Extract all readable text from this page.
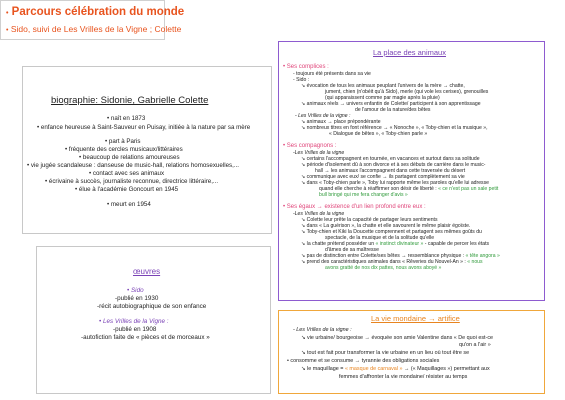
• Parcours célébration du monde
• Sido, suivi de Les Vrilles de la Vigne ; Colette
biographie: Sidonie, Gabrielle Colette
• naît en 1873
• enfance heureuse à Saint-Sauveur en Puisay, initiée à la nature par sa mère
• part à Paris
• fréquente des cercles musicaux/littéraires
• beaucoup de relations amoureuses
• vie jugée scandaleuse : danseuse de music-hall, relations homosexuelles,...
• contact avec ses animaux
• écrivaine à succès, journaliste reconnue, directrice littéraire,...
• élue à l'académie Goncourt en 1945
• meurt en 1954
œuvres
• Sido
-publié en 1930
-récit autobiographique de son enfance
• Les Vrilles de la Vigne :
-publié en 1908
-autofiction faite de « pièces et de morceaux »
La place des animaux
• Ses complices :
- toujours été présents dans sa vie
- Sido :
↘ évocation de tous les animaux peuplant l'univers de la mère → chatte,
jument, chien (n'obéit qu'à Sido), merle (qui vole les cerises), grenouilles
(qui apparaissent comme par magie après la pluie)
↘ animaux réels → univers enfantin de Colette/ participent à son apprentissage
de l'amour de la nature/des bêtes
- Les Vrilles de la vigne :
↘ animaux → place prépondérante
↘ nombreux titres en font référence → « Nonoche », « Toby-chien et la musique »,
« Dialogue de bêtes », « Toby-chien parle »
• Ses compagnons :
-Les Vrilles de la vigne
↘ certains l'accompagnent en tournée, en vacances et surtout dans sa solitude
↘ période d'isolement dû à son divorce et à ses débuts de carrière dans le music-
hall → les animaux l'accompagnent dans cette traversée du désert
↘ communique avec eux/ se confie → ils partagent complètement sa vie
↘ dans « Toby-chien parle », Toby lui rapporte même les paroles qu'elle lui adresse
quand elle cherche à réaffirmer son désir de liberté : « ce n'est pas un sale petit
bull bringé qui me fera changer d'avis »
• Ses égaux → existence d'un lien profond entre eux :
-Les Vrilles de la vigne
↘ Colette leur prête la capacité de partager leurs sentiments
↘ dans « La guérison », la chatte et elle savourent le même plaisir égoïste.
↘ Toby-chien et Kiki la Doucette comprennent et partagent ses mêmes goûts du
spectacle, de la musique et de la solitude qu'elle
↘ la chatte prétend posséder un « instinct divinateur » - capable de percer les états
d'âmes de sa maîtresse
↘ pas de distinction entre Colette/ses bêtes → ressemblance physique : « tête angora »
↘ prend des caractéristiques animales dans « Rêveries du Nouvel-An » : « nous
avons gratté de nos dix pattes, nous avons aboyé »
La vie mondaine → artifice
- Les Vrilles de la vigne :
↘ vie urbaine/ bourgeoise → évoquée son amie Valentine dans « De quoi est-ce
qu'on a l'air »
↘ tout est fait pour transformer la vie urbaine en un lieu où tout être se
• consomme et se consume → tyrannie des obligations sociales
↘ le maquillage = « masque de carnaval » → (« Maquillages ») permettant aux
femmes d'affronter la vie mondaine/ résister au temps
